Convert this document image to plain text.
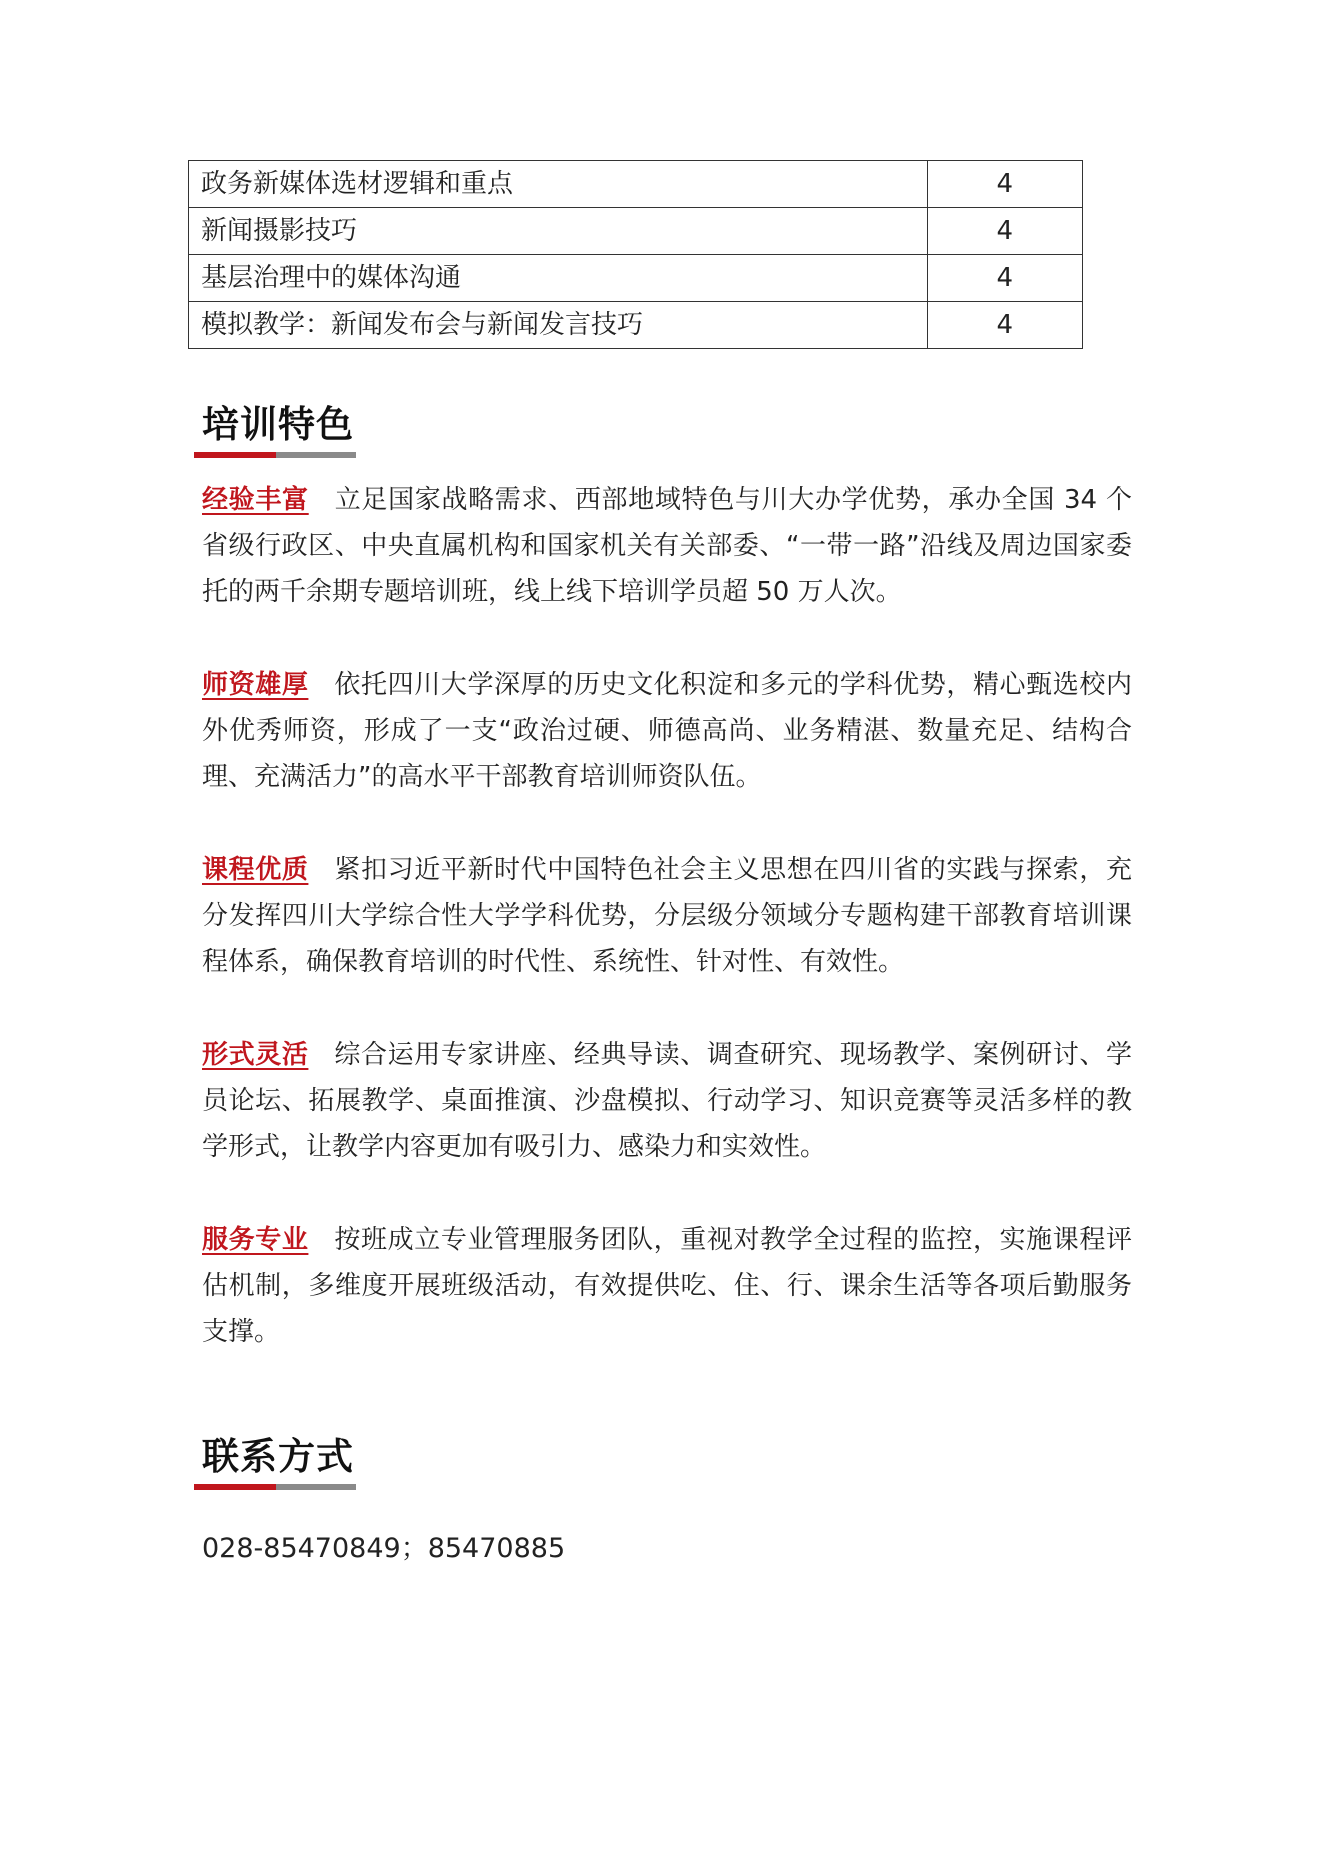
政务新媒体选材逻辑和重点	4
新闻摄影技巧	4
基层治理中的媒体沟通	4
模拟教学：新闻发布会与新闻发言技巧	4
培训特色
经验丰富 立足国家战略需求、西部地域特色与川大办学优势，承办全国 34 个省级行政区、中央直属机构和国家机关有关部委、“一带一路”沿线及周边国家委托的两千余期专题培训班，线上线下培训学员超 50 万人次。
师资雄厚 依托四川大学深厚的历史文化积淀和多元的学科优势，精心甄选校内外优秀师资，形成了一支“政治过硬、师德高尚、业务精湛、数量充足、结构合理、充满活力”的高水平干部教育培训师资队伍。
课程优质 紧扣习近平新时代中国特色社会主义思想在四川省的实践与探索，充分发挥四川大学综合性大学学科优势，分层级分领域分专题构建干部教育培训课程体系，确保教育培训的时代性、系统性、针对性、有效性。
形式灵活 综合运用专家讲座、经典导读、调查研究、现场教学、案例研讨、学员论坛、拓展教学、桌面推演、沙盘模拟、行动学习、知识竞赛等灵活多样的教学形式，让教学内容更加有吸引力、感染力和实效性。
服务专业 按班成立专业管理服务团队，重视对教学全过程的监控，实施课程评估机制，多维度开展班级活动，有效提供吃、住、行、课余生活等各项后勤服务支撑。
联系方式
028-85470849；85470885
